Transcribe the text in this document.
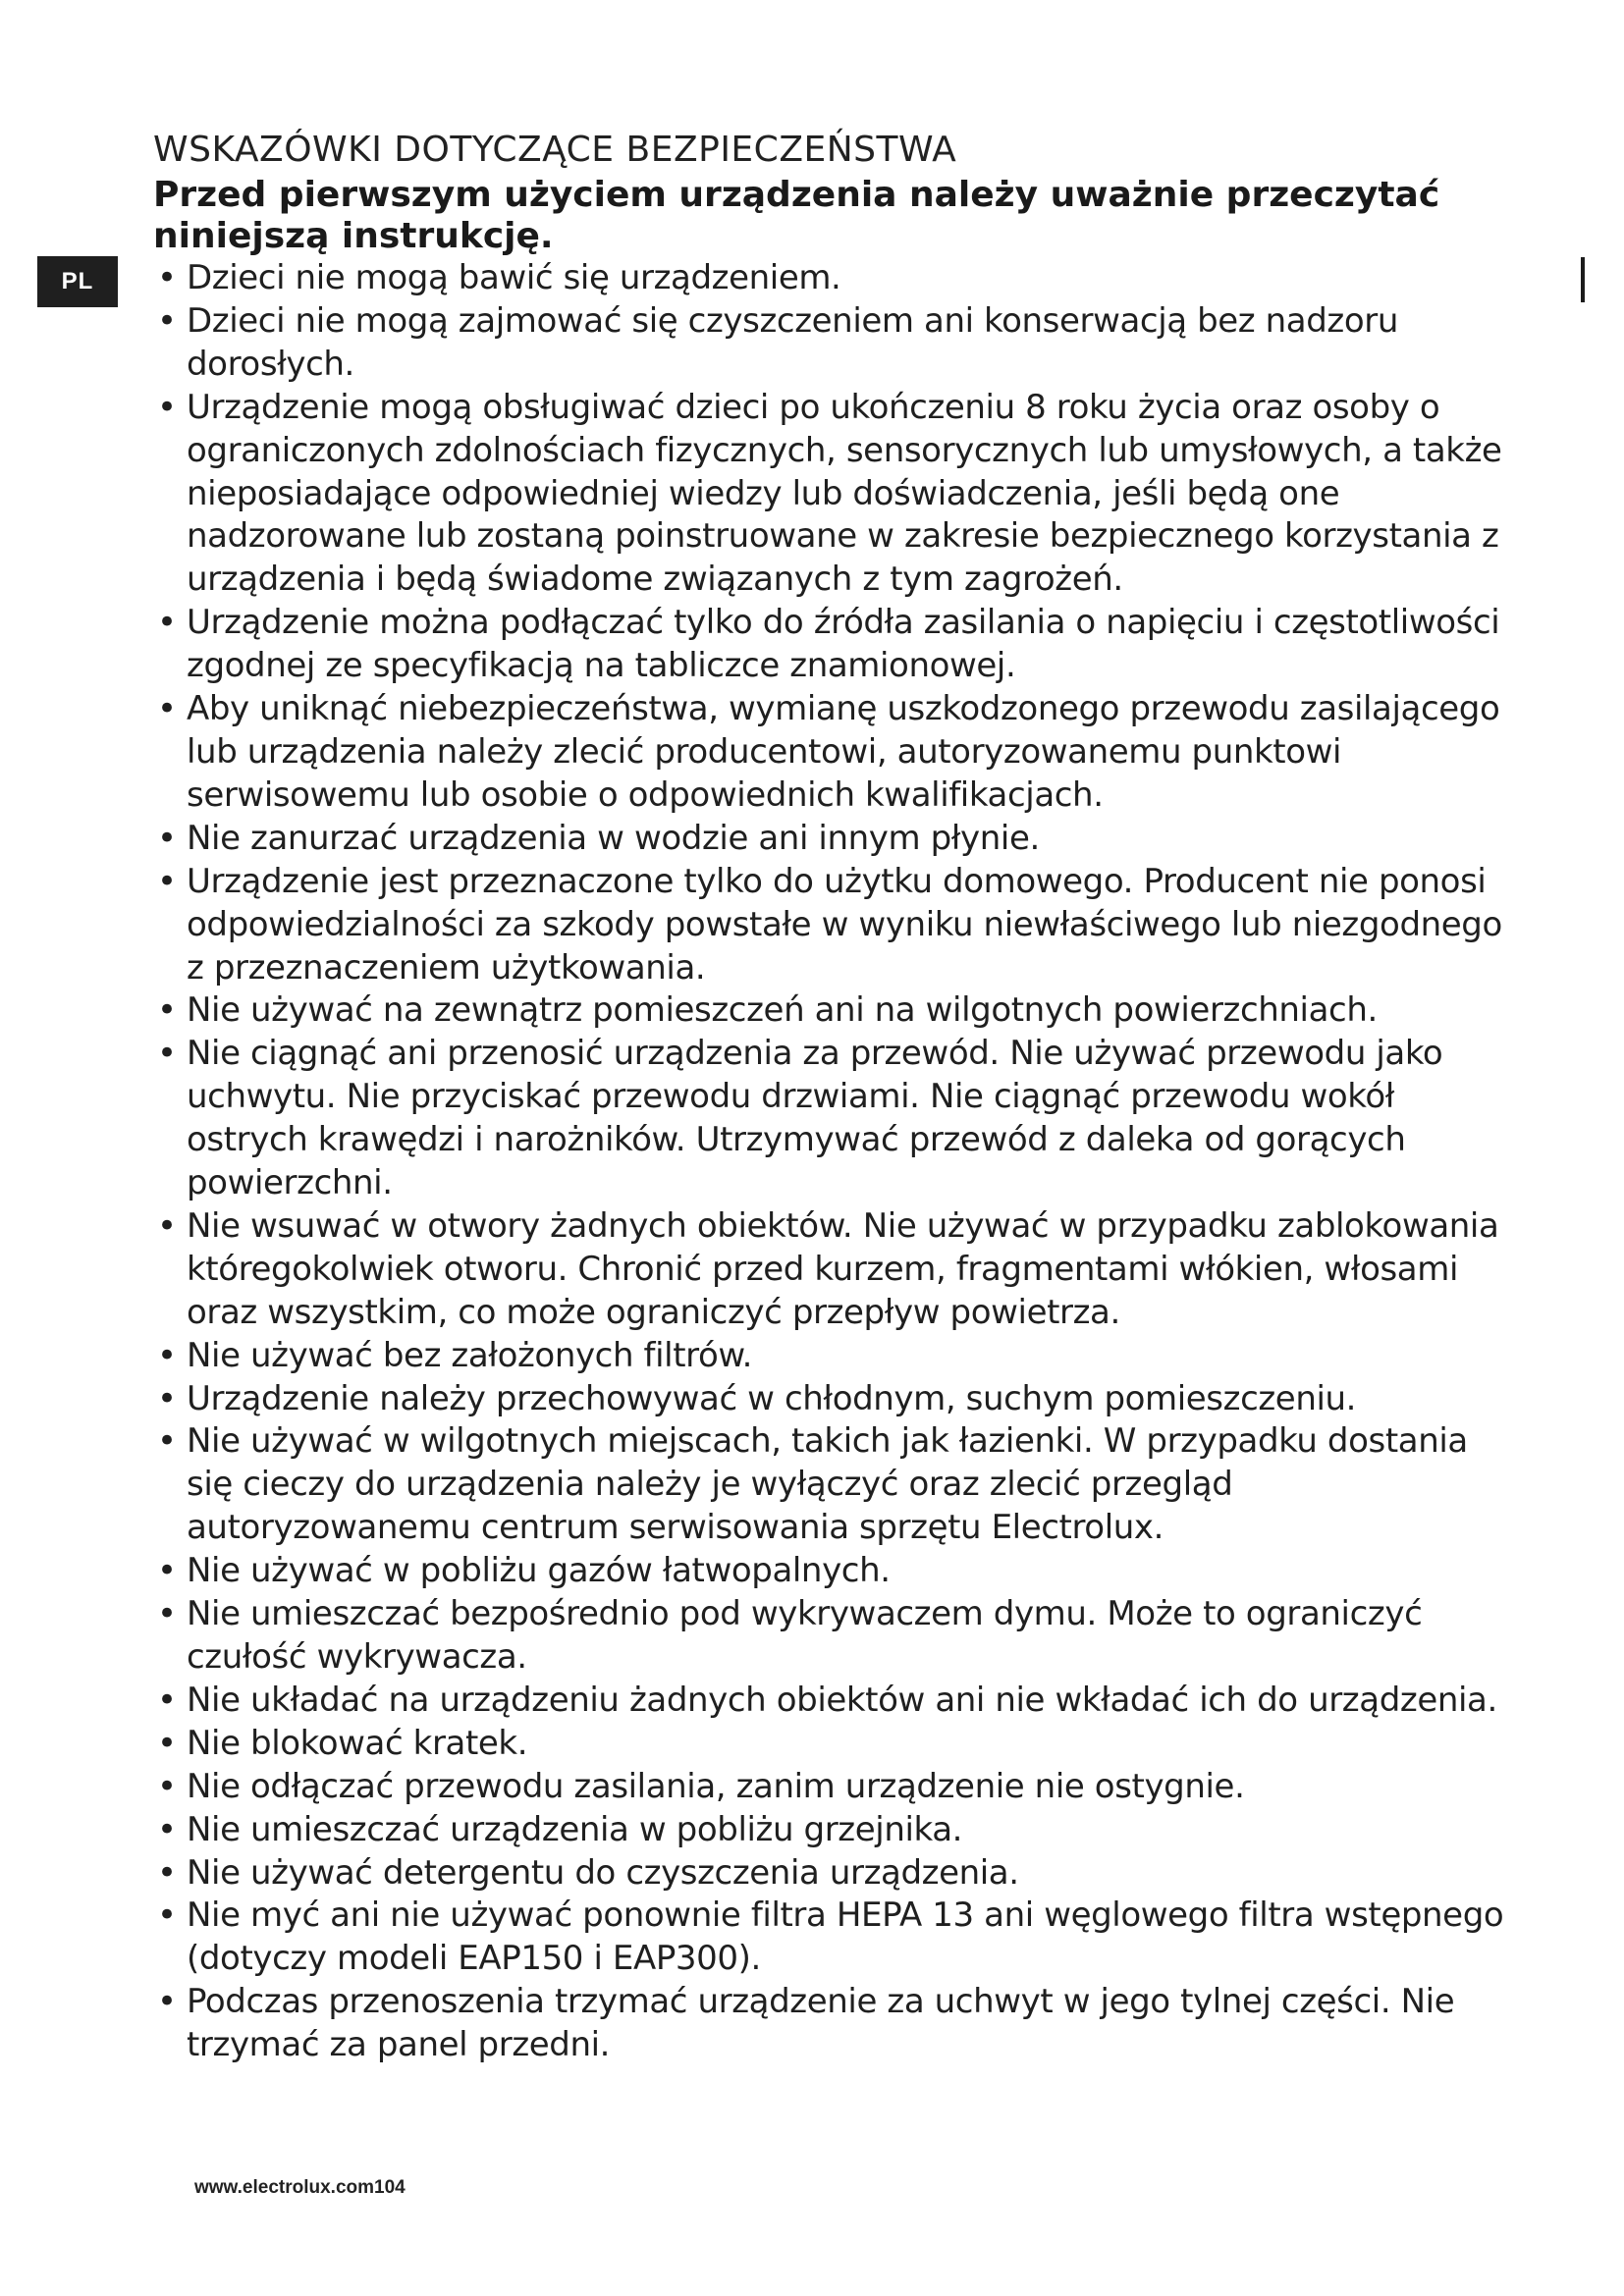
PL
WSKAZÓWKI DOTYCZĄCE BEZPIECZEŃSTWA

Przed pierwszym użyciem urządzenia należy uważnie przeczytać niniejszą instrukcję.

• Dzieci nie mogą bawić się urządzeniem.
• Dzieci nie mogą zajmować się czyszczeniem ani konserwacją bez nadzoru dorosłych.
• Urządzenie mogą obsługiwać dzieci po ukończeniu 8 roku życia oraz osoby o ograniczonych zdolnościach fizycznych, sensorycznych lub umysłowych, a także nieposiadające odpowiedniej wiedzy lub doświadczenia, jeśli będą one nadzorowane lub zostaną poinstruowane w zakresie bezpiecznego korzystania z urządzenia i będą świadome związanych z tym zagrożeń.
• Urządzenie można podłączać tylko do źródła zasilania o napięciu i częstotliwości zgodnej ze specyfikacją na tabliczce znamionowej.
• Aby uniknąć niebezpieczeństwa, wymianę uszkodzonego przewodu zasilającego lub urządzenia należy zlecić producentowi, autoryzowanemu punktowi serwisowemu lub osobie o odpowiednich kwalifikacjach.
• Nie zanurzać urządzenia w wodzie ani innym płynie.
• Urządzenie jest przeznaczone tylko do użytku domowego. Producent nie ponosi odpowiedzialności za szkody powstałe w wyniku niewłaściwego lub niezgodnego z przeznaczeniem użytkowania.
• Nie używać na zewnątrz pomieszczeń ani na wilgotnych powierzchniach.
• Nie ciągnąć ani przenosić urządzenia za przewód. Nie używać przewodu jako uchwytu. Nie przyciskać przewodu drzwiami. Nie ciągnąć przewodu wokół ostrych krawędzi i narożników. Utrzymywać przewód z daleka od gorących powierzchni.
• Nie wsuwać w otwory żadnych obiektów. Nie używać w przypadku zablokowania któregokolwiek otworu. Chronić przed kurzem, fragmentami włókien, włosami oraz wszystkim, co może ograniczyć przepływ powietrza.
• Nie używać bez założonych filtrów.
• Urządzenie należy przechowywać w chłodnym, suchym pomieszczeniu.
• Nie używać w wilgotnych miejscach, takich jak łazienki. W przypadku dostania się cieczy do urządzenia należy je wyłączyć oraz zlecić przegląd autoryzowanemu centrum serwisowania sprzętu Electrolux.
• Nie używać w pobliżu gazów łatwopalnych.
• Nie umieszczać bezpośrednio pod wykrywaczem dymu. Może to ograniczyć czułość wykrywacza.
• Nie układać na urządzeniu żadnych obiektów ani nie wkładać ich do urządzenia.
• Nie blokować kratek.
• Nie odłączać przewodu zasilania, zanim urządzenie nie ostygnie.
• Nie umieszczać urządzenia w pobliżu grzejnika.
• Nie używać detergentu do czyszczenia urządzenia.
• Nie myć ani nie używać ponownie filtra HEPA 13 ani węglowego filtra wstępnego (dotyczy modeli EAP150 i EAP300).
• Podczas przenoszenia trzymać urządzenie za uchwyt w jego tylnej części. Nie trzymać za panel przedni.
www.electrolux.com104
